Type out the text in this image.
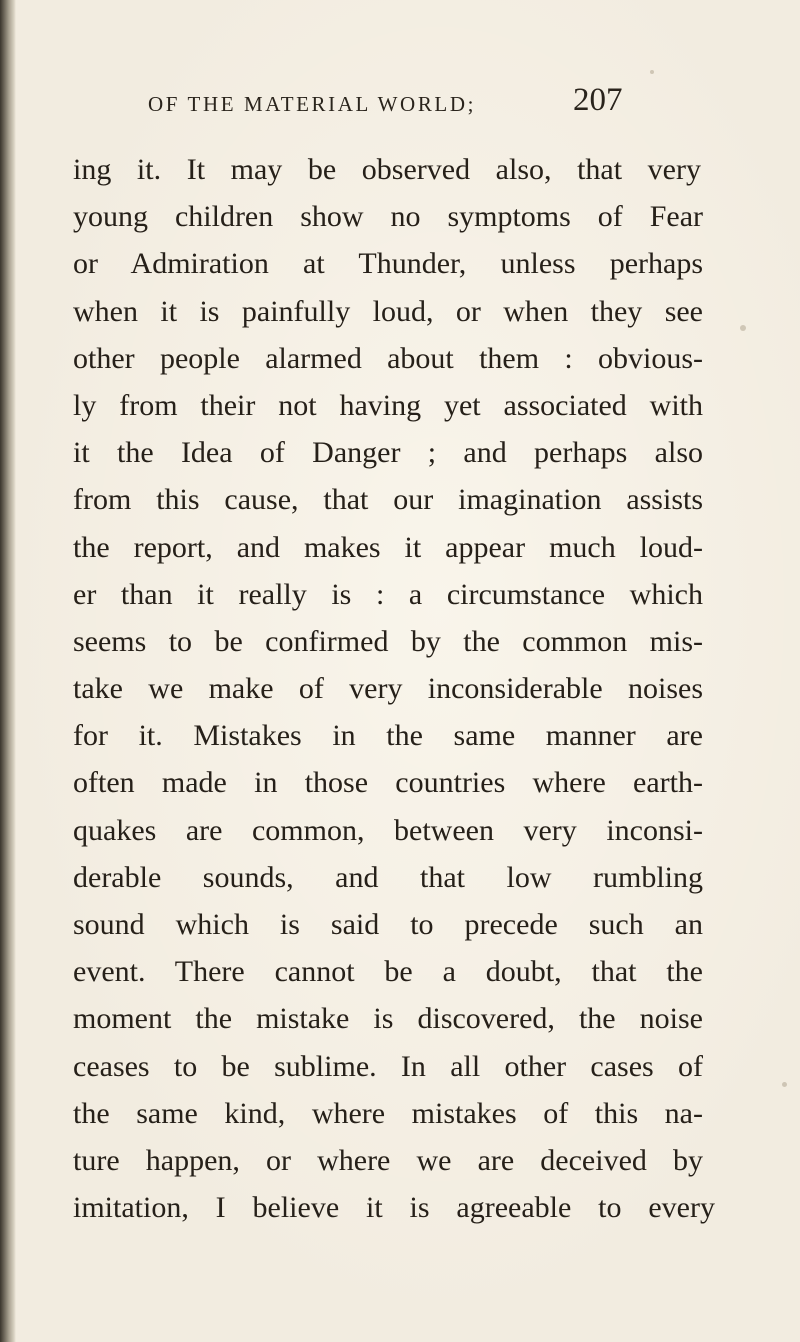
OF THE MATERIAL WORLD;	207
ing it. It may be observed also, that very
young children show no symptoms of Fear
or Admiration at Thunder, unless perhaps
when it is painfully loud, or when they see
other people alarmed about them : obvious-
ly from their not having yet associated with
it the Idea of Danger ; and perhaps also
from this cause, that our imagination assists
the report, and makes it appear much loud-
er than it really is : a circumstance which
seems to be confirmed by the common mis-
take we make of very inconsiderable noises
for it. Mistakes in the same manner are
often made in those countries where earth-
quakes are common, between very inconsi-
derable sounds, and that low rumbling
sound which is said to precede such an
event. There cannot be a doubt, that the
moment the mistake is discovered, the noise
ceases to be sublime. In all other cases of
the same kind, where mistakes of this na-
ture happen, or where we are deceived by
imitation, I believe it is agreeable to every
